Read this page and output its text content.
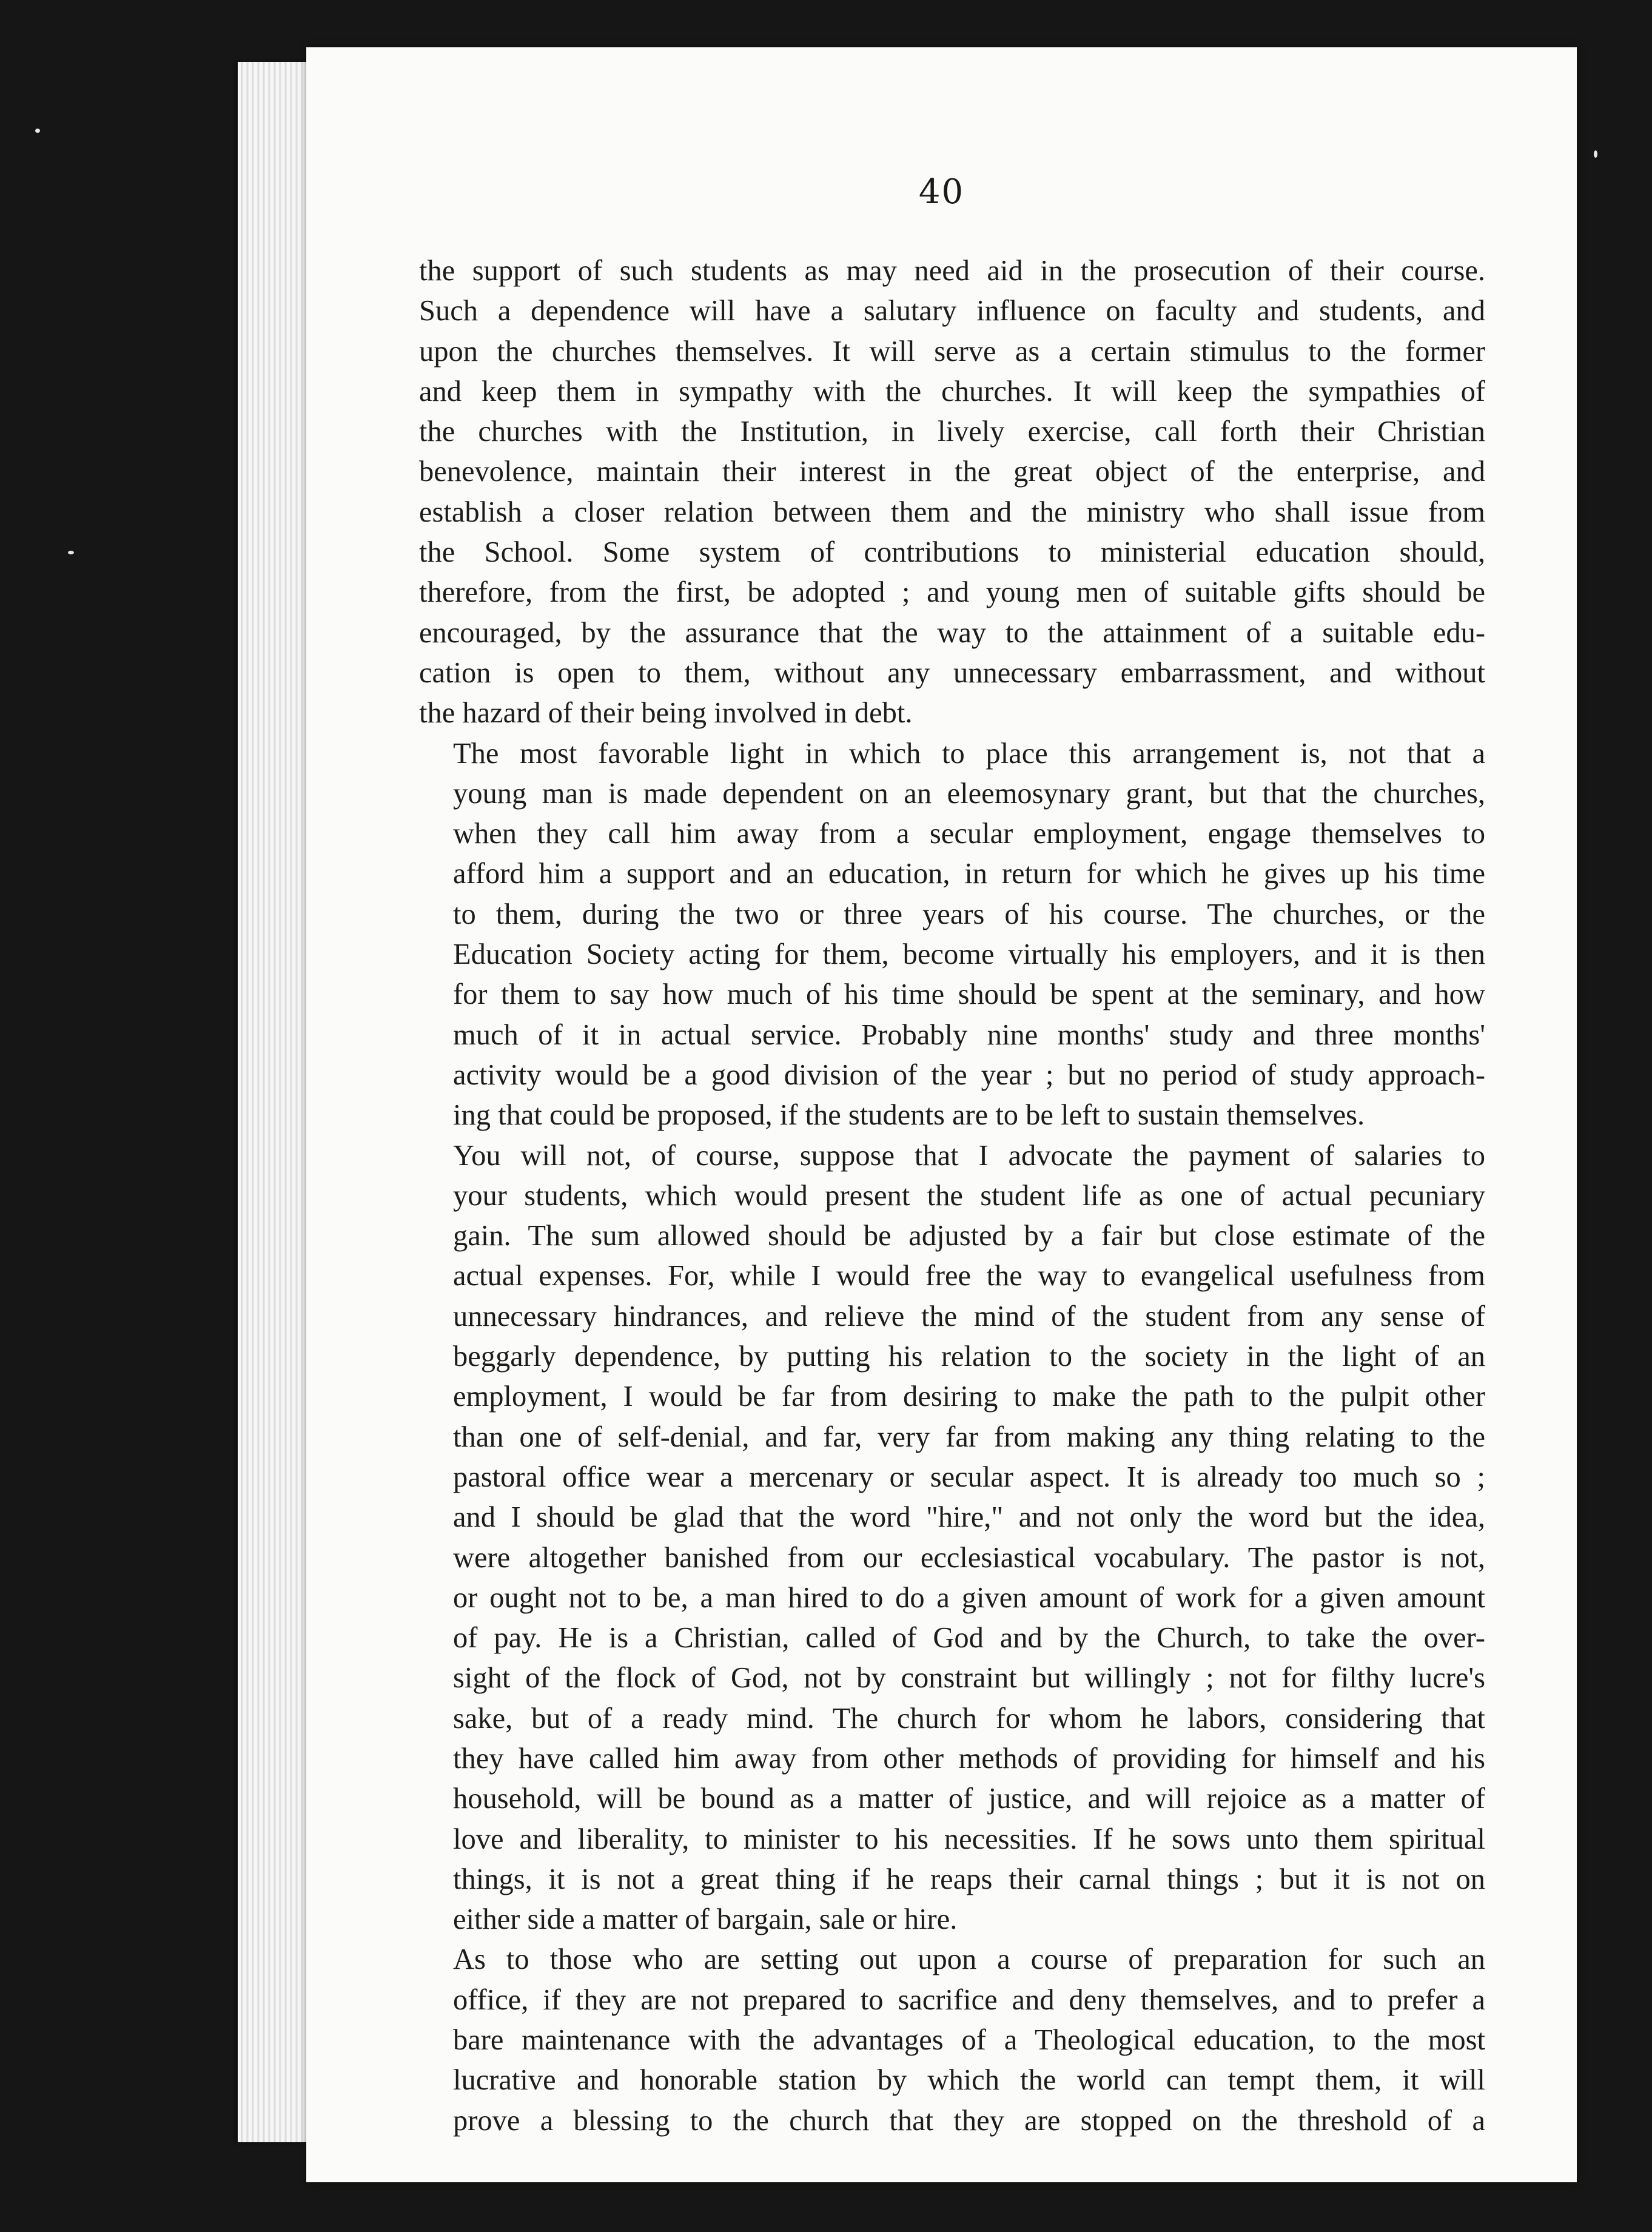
40

the support of such students as may need aid in the prosecution of their course.
Such a dependence will have a salutary influence on faculty and students, and
upon the churches themselves. It will serve as a certain stimulus to the former
and keep them in sympathy with the churches. It will keep the sympathies of
the churches with the Institution, in lively exercise, call forth their Christian
benevolence, maintain their interest in the great object of the enterprise, and
establish a closer relation between them and the ministry who shall issue from
the School. Some system of contributions to ministerial education should,
therefore, from the first, be adopted ; and young men of suitable gifts should be
encouraged, by the assurance that the way to the attainment of a suitable edu-
cation is open to them, without any unnecessary embarrassment, and without
the hazard of their being involved in debt.

The most favorable light in which to place this arrangement is, not that a
young man is made dependent on an eleemosynary grant, but that the churches,
when they call him away from a secular employment, engage themselves to
afford him a support and an education, in return for which he gives up his time
to them, during the two or three years of his course. The churches, or the
Education Society acting for them, become virtually his employers, and it is then
for them to say how much of his time should be spent at the seminary, and how
much of it in actual service. Probably nine months' study and three months'
activity would be a good division of the year ; but no period of study approach-
ing that could be proposed, if the students are to be left to sustain themselves.

You will not, of course, suppose that I advocate the payment of salaries to
your students, which would present the student life as one of actual pecuniary
gain. The sum allowed should be adjusted by a fair but close estimate of the
actual expenses. For, while I would free the way to evangelical usefulness from
unnecessary hindrances, and relieve the mind of the student from any sense of
beggarly dependence, by putting his relation to the society in the light of an
employment, I would be far from desiring to make the path to the pulpit other
than one of self-denial, and far, very far from making any thing relating to the
pastoral office wear a mercenary or secular aspect. It is already too much so ;
and I should be glad that the word "hire," and not only the word but the idea,
were altogether banished from our ecclesiastical vocabulary. The pastor is not,
or ought not to be, a man hired to do a given amount of work for a given amount
of pay. He is a Christian, called of God and by the Church, to take the over-
sight of the flock of God, not by constraint but willingly ; not for filthy lucre's
sake, but of a ready mind. The church for whom he labors, considering that
they have called him away from other methods of providing for himself and his
household, will be bound as a matter of justice, and will rejoice as a matter of
love and liberality, to minister to his necessities. If he sows unto them spiritual
things, it is not a great thing if he reaps their carnal things ; but it is not on
either side a matter of bargain, sale or hire.

As to those who are setting out upon a course of preparation for such an
office, if they are not prepared to sacrifice and deny themselves, and to prefer a
bare maintenance with the advantages of a Theological education, to the most
lucrative and honorable station by which the world can tempt them, it will
prove a blessing to the church that they are stopped on the threshold of a
